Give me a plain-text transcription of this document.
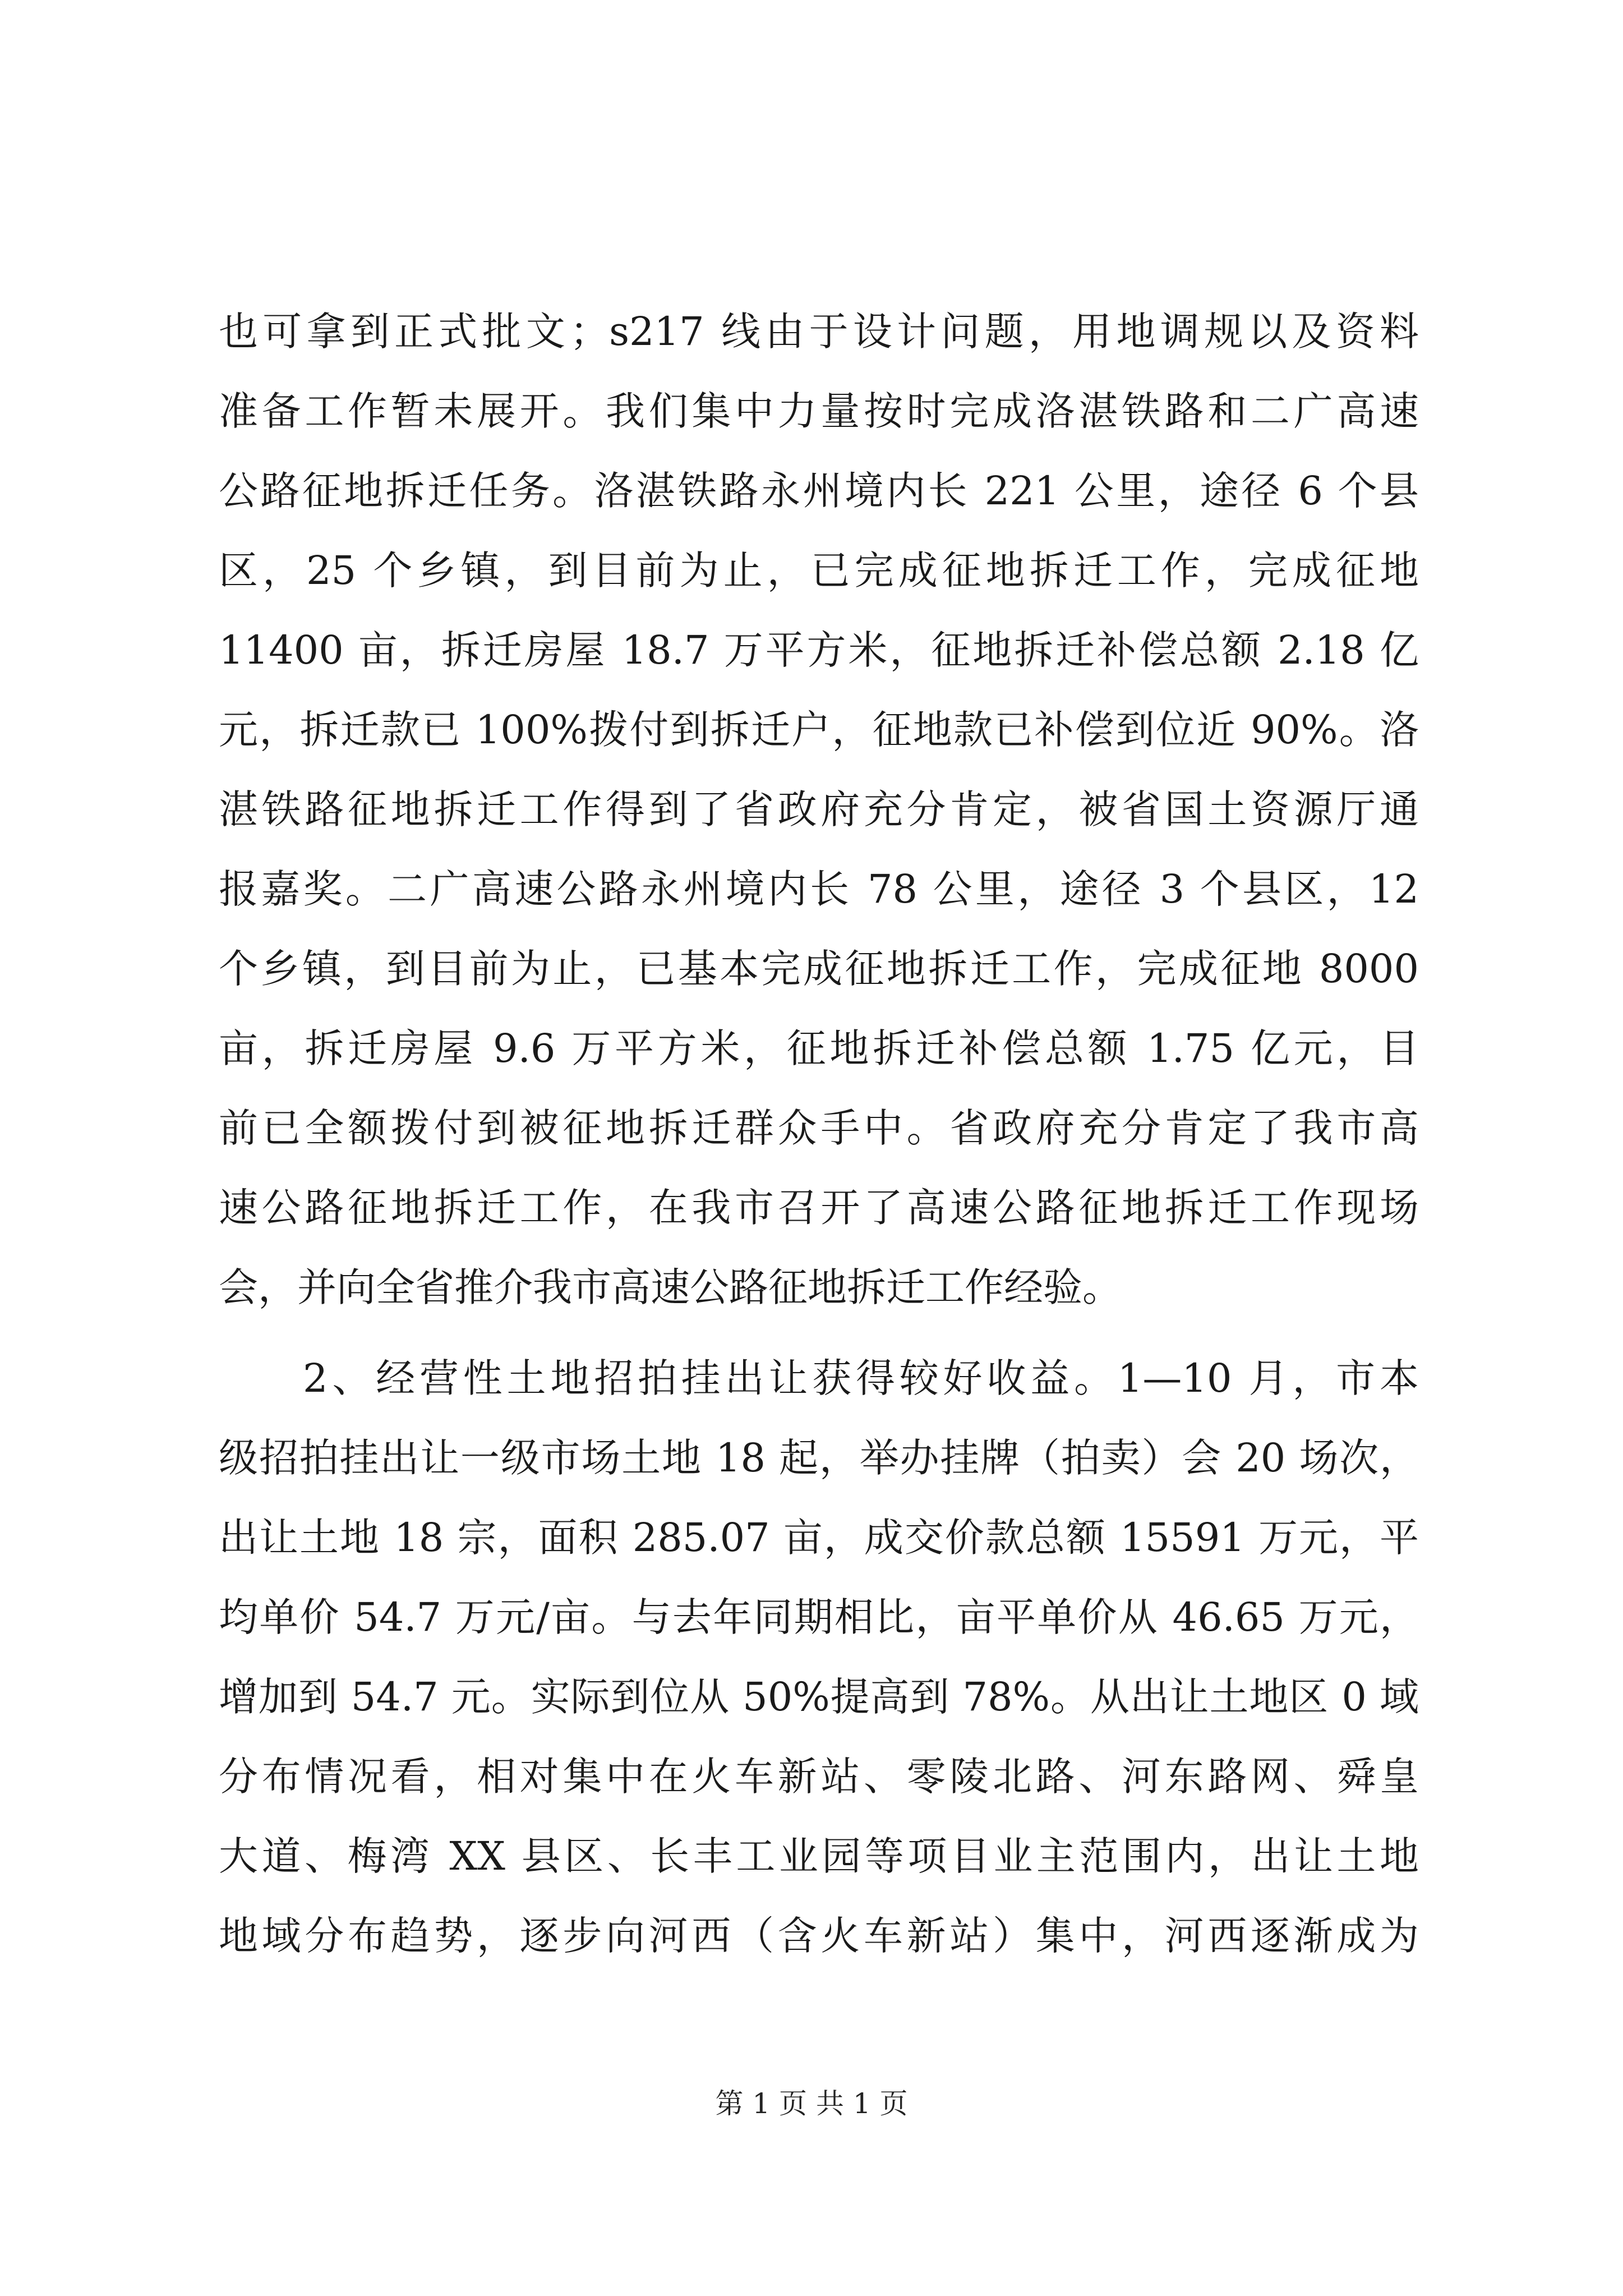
也可拿到正式批文；s217 线由于设计问题，用地调规以及资料
准备工作暂未展开。我们集中力量按时完成洛湛铁路和二广高速
公路征地拆迁任务。洛湛铁路永州境内长 221 公里，途径 6 个县
区，25 个乡镇，到目前为止，已完成征地拆迁工作，完成征地
11400 亩，拆迁房屋 18.7 万平方米，征地拆迁补偿总额 2.18 亿
元，拆迁款已 100%拨付到拆迁户，征地款已补偿到位近 90%。洛
湛铁路征地拆迁工作得到了省政府充分肯定，被省国土资源厅通
报嘉奖。二广高速公路永州境内长 78 公里，途径 3 个县区，12
个乡镇，到目前为止，已基本完成征地拆迁工作，完成征地 8000
亩，拆迁房屋 9.6 万平方米，征地拆迁补偿总额 1.75 亿元，目
前已全额拨付到被征地拆迁群众手中。省政府充分肯定了我市高
速公路征地拆迁工作，在我市召开了高速公路征地拆迁工作现场
会，并向全省推介我市高速公路征地拆迁工作经验。
2、经营性土地招拍挂出让获得较好收益。1—10 月，市本
级招拍挂出让一级市场土地 18 起，举办挂牌（拍卖）会 20 场次，
出让土地 18 宗，面积 285.07 亩，成交价款总额 15591 万元，平
均单价 54.7 万元/亩。与去年同期相比，亩平单价从 46.65 万元，
增加到 54.7 元。实际到位从 50%提高到 78%。从出让土地区 0 域
分布情况看，相对集中在火车新站、零陵北路、河东路网、舜皇
大道、梅湾 XX 县区、长丰工业园等项目业主范围内，出让土地
地域分布趋势，逐步向河西（含火车新站）集中，河西逐渐成为
第 1 页 共 1 页
